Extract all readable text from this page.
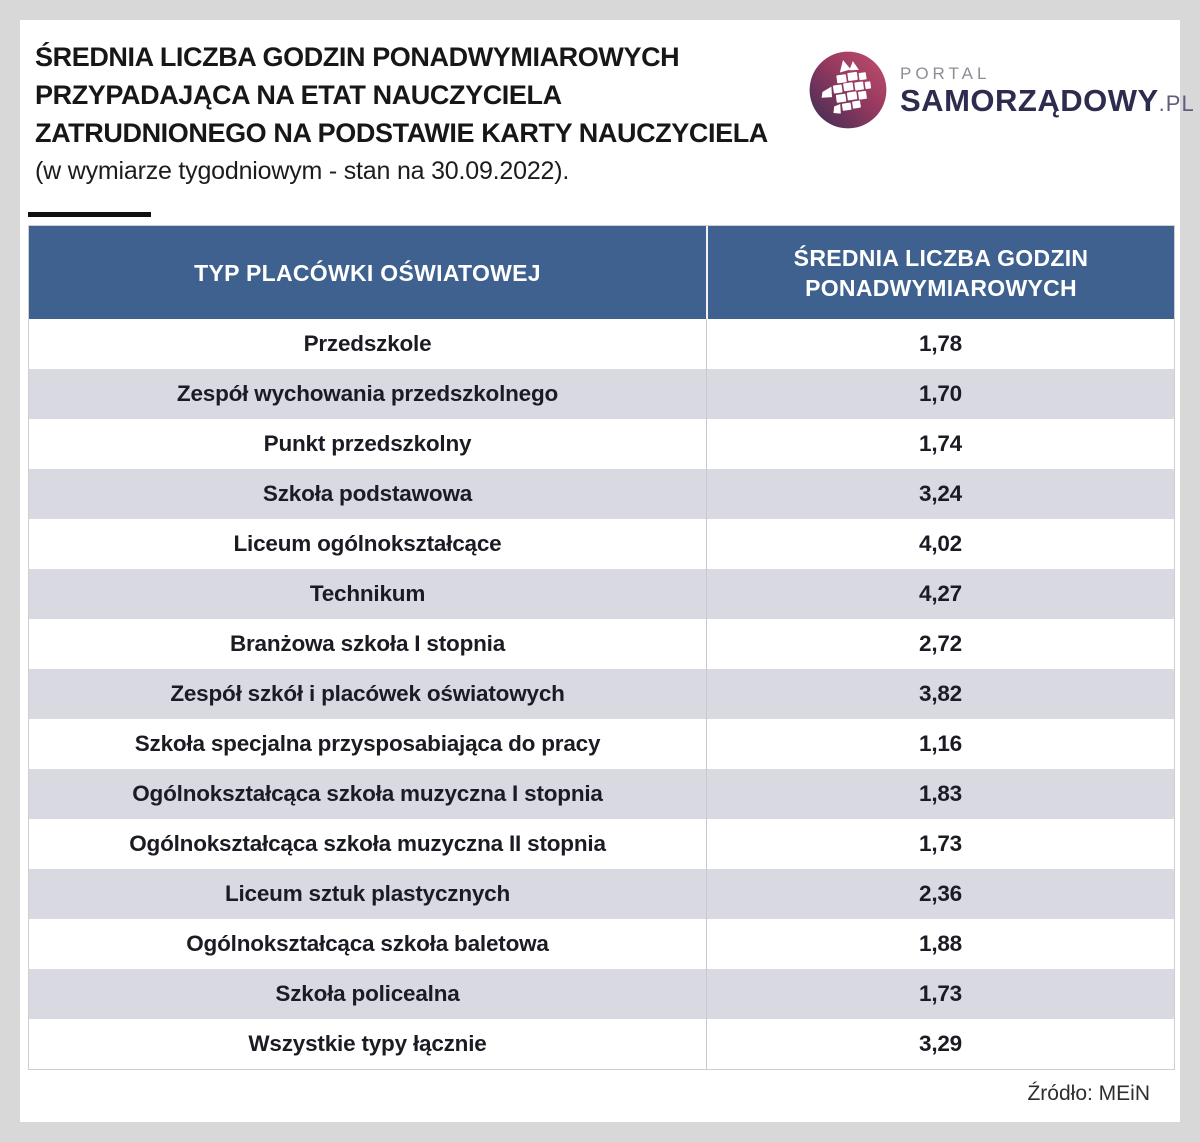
ŚREDNIA LICZBA GODZIN PONADWYMIAROWYCH
PRZYPADAJĄCA NA ETAT NAUCZYCIELA
ZATRUDNIONEGO NA PODSTAWIE KARTY NAUCZYCIELA
(w wymiarze tygodniowym - stan na 30.09.2022).
PORTAL
SAMORZĄDOWY.PL
TYP PLACÓWKI OŚWIATOWEJ
ŚREDNIA LICZBA GODZIN
PONADWYMIAROWYCH
Przedszkole	1,78
Zespół wychowania przedszkolnego	1,70
Punkt przedszkolny	1,74
Szkoła podstawowa	3,24
Liceum ogólnokształcące	4,02
Technikum	4,27
Branżowa szkoła I stopnia	2,72
Zespół szkół i placówek oświatowych	3,82
Szkoła specjalna przysposabiająca do pracy	1,16
Ogólnokształcąca szkoła muzyczna I stopnia	1,83
Ogólnokształcąca szkoła muzyczna II stopnia	1,73
Liceum sztuk plastycznych	2,36
Ogólnokształcąca szkoła baletowa	1,88
Szkoła policealna	1,73
Wszystkie typy łącznie	3,29
Źródło: MEiN
